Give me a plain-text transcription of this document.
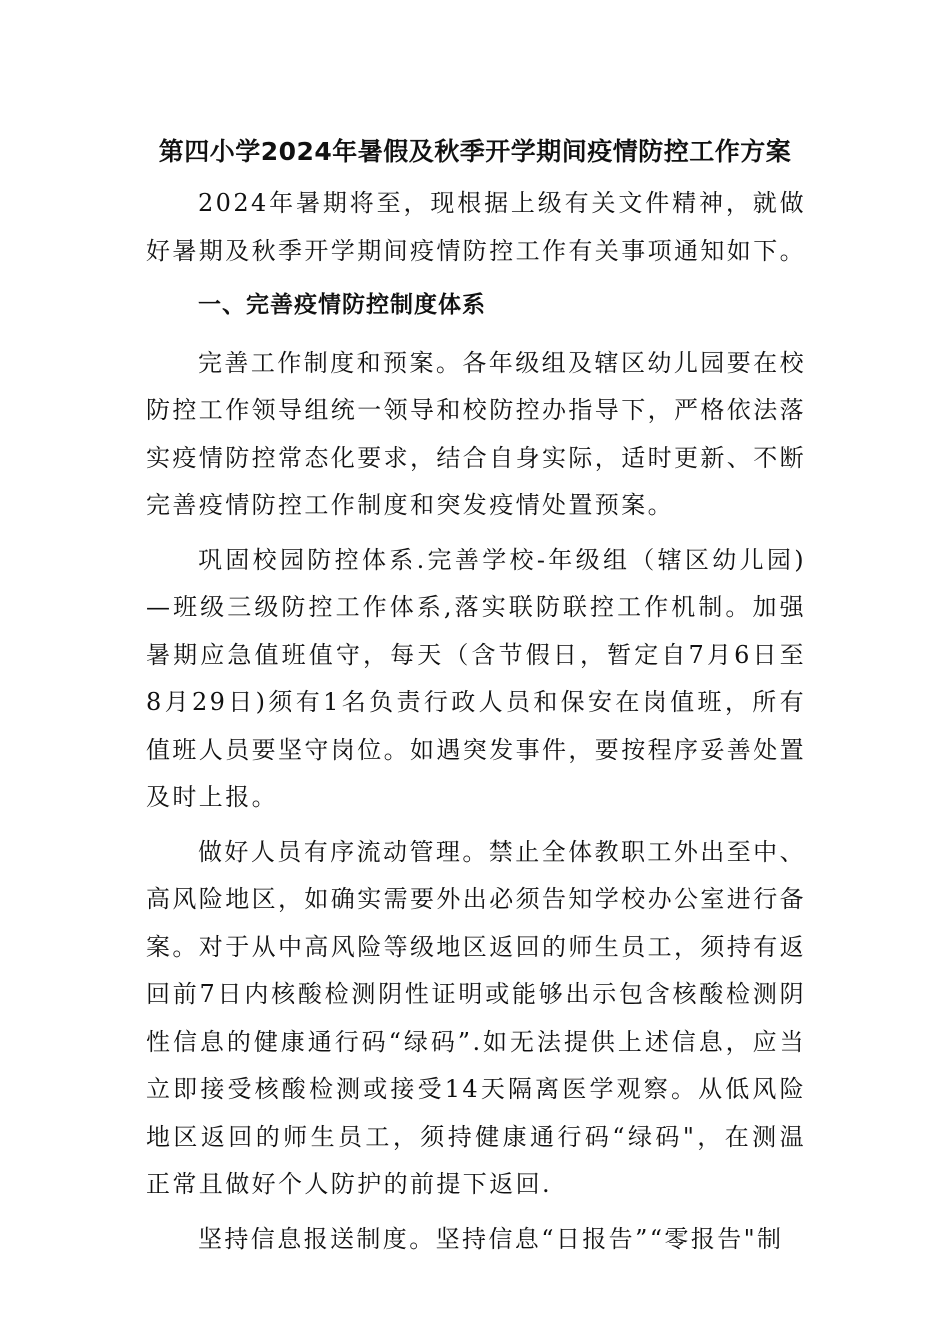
第四小学2024年暑假及秋季开学期间疫情防控工作方案

2024年暑期将至，现根据上级有关文件精神，就做好暑期及秋季开学期间疫情防控工作有关事项通知如下。

一、完善疫情防控制度体系

完善工作制度和预案。各年级组及辖区幼儿园要在校防控工作领导组统一领导和校防控办指导下，严格依法落实疫情防控常态化要求，结合自身实际，适时更新、不断完善疫情防控工作制度和突发疫情处置预案。

巩固校园防控体系.完善学校-年级组（辖区幼儿园)—班级三级防控工作体系,落实联防联控工作机制。加强暑期应急值班值守，每天（含节假日，暂定自7月6日至8月29日)须有1名负责行政人员和保安在岗值班，所有值班人员要坚守岗位。如遇突发事件，要按程序妥善处置及时上报。

做好人员有序流动管理。禁止全体教职工外出至中、高风险地区，如确实需要外出必须告知学校办公室进行备案。对于从中高风险等级地区返回的师生员工，须持有返回前7日内核酸检测阴性证明或能够出示包含核酸检测阴性信息的健康通行码“绿码”.如无法提供上述信息，应当立即接受核酸检测或接受14天隔离医学观察。从低风险地区返回的师生员工，须持健康通行码“绿码"，在测温正常且做好个人防护的前提下返回.

坚持信息报送制度。坚持信息“日报告”“零报告"制
